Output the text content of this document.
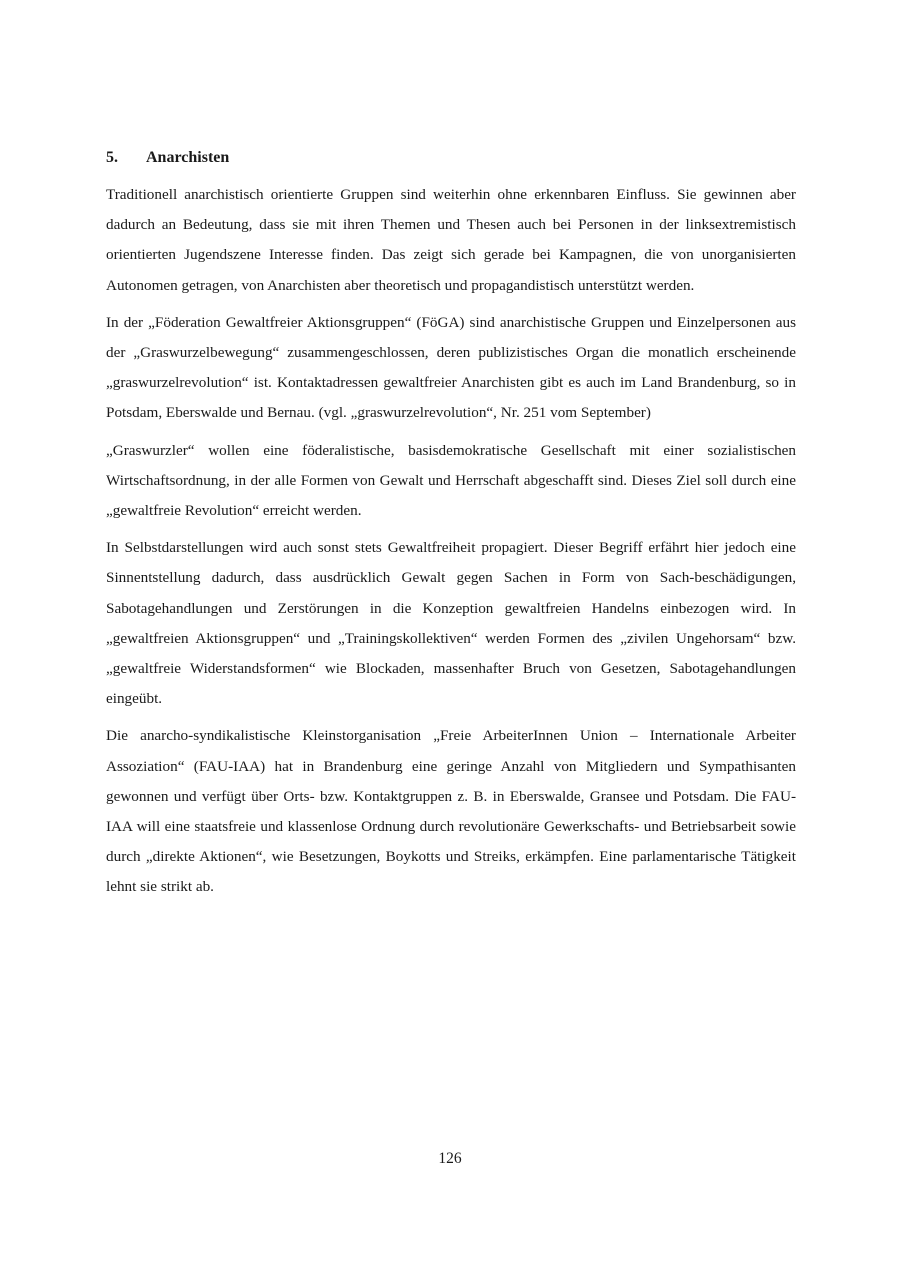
5.	Anarchisten

Traditionell anarchistisch orientierte Gruppen sind weiterhin ohne erkennbaren Einfluss. Sie gewinnen aber dadurch an Bedeutung, dass sie mit ihren Themen und Thesen auch bei Personen in der linksextremistisch orientierten Jugendszene Interesse finden. Das zeigt sich gerade bei Kampagnen, die von unorganisierten Autonomen getragen, von Anarchisten aber theoretisch und propagandistisch unterstützt werden.

In der „Föderation Gewaltfreier Aktionsgruppen“ (FöGA) sind anarchistische Gruppen und Einzelpersonen aus der „Graswurzelbewegung“ zusammengeschlossen, deren publizistisches Organ die monatlich erscheinende „graswurzelrevolution“ ist. Kontaktadressen gewaltfreier Anarchisten gibt es auch im Land Brandenburg, so in Potsdam, Eberswalde und Bernau. (vgl. „graswurzelrevolution“, Nr. 251 vom September)

„Graswurzler“ wollen eine föderalistische, basisdemokratische Gesellschaft mit einer sozialistischen Wirtschaftsordnung, in der alle Formen von Gewalt und Herrschaft abgeschafft sind. Dieses Ziel soll durch eine „gewaltfreie Revolution“ erreicht werden.

In Selbstdarstellungen wird auch sonst stets Gewaltfreiheit propagiert. Dieser Begriff erfährt hier jedoch eine Sinnentstellung dadurch, dass ausdrücklich Gewalt gegen Sachen in Form von Sach-beschädigungen, Sabotagehandlungen und Zerstörungen in die Konzeption gewaltfreien Handelns einbezogen wird. In „gewaltfreien Aktionsgruppen“ und „Trainingskollektiven“ werden Formen des „zivilen Ungehorsam“ bzw. „gewaltfreie Widerstandsformen“ wie Blockaden, massenhafter Bruch von Gesetzen, Sabotagehandlungen eingeübt.

Die anarcho-syndikalistische Kleinstorganisation „Freie ArbeiterInnen Union – Internationale Arbeiter Assoziation“ (FAU-IAA) hat in Brandenburg eine geringe Anzahl von Mitgliedern und Sympathisanten gewonnen und verfügt über Orts- bzw. Kontaktgruppen z. B. in Eberswalde, Gransee und Potsdam. Die FAU-IAA will eine staatsfreie und klassenlose Ordnung durch revolutionäre Gewerkschafts- und Betriebsarbeit sowie durch „direkte Aktionen“, wie Besetzungen, Boykotts und Streiks, erkämpfen. Eine parlamentarische Tätigkeit lehnt sie strikt ab.

126
